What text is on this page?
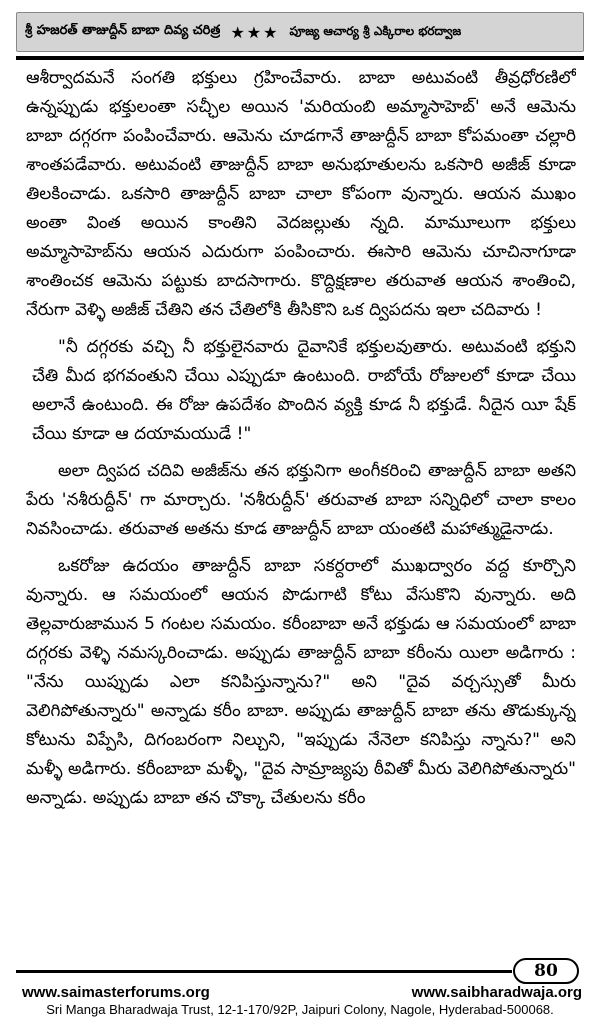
శ్రీ హజరత్ తాజుద్దీన్ బాబా దివ్య చరిత్ర ★★★ పూజ్య ఆచార్య శ్రీ ఎక్కిరాల భరద్వాజ

ఆశీర్వాదమనే సంగతి భక్తులు గ్రహించేవారు. బాబా అటువంటి తీవ్రధోరణిలో ఉన్నప్పుడు భక్తులంతా సచ్ఛీల అయిన 'మరియంబి అమ్మాసాహెబ్' అనే ఆమెను బాబా దగ్గరగా పంపించేవారు. ఆమెను చూడగానే తాజుద్దీన్ బాబా కోపమంతా చల్లారి శాంతపడేవారు. అటువంటి తాజుద్దీన్ బాబా అనుభూతులను ఒకసారి అజీజ్ కూడా తిలకించాడు. ఒకసారి తాజుద్దీన్ బాబా చాలా కోపంగా వున్నారు. ఆయన ముఖం అంతా వింత అయిన కాంతిని వెదజల్లుతు న్నది. మామూలుగా భక్తులు అమ్మాసాహెబ్‌ను ఆయన ఎదురుగా పంపించారు. ఈసారి ఆమెను చూచినాగూడా శాంతించక ఆమెను పట్టుకు బాదసాగారు. కొద్దిక్షణాల తరువాత ఆయన శాంతించి, నేరుగా వెళ్ళి అజీజ్ చేతిని తన చేతిలోకి తీసికొని ఒక ద్విపదను ఇలా చదివారు !

"నీ దగ్గరకు వచ్చి నీ భక్తులైనవారు దైవానికే భక్తులవుతారు. అటువంటి భక్తుని చేతి మీద భగవంతుని చేయి ఎప్పుడూ ఉంటుంది. రాబోయే రోజులలో కూడా చేయి అలానే ఉంటుంది. ఈ రోజు ఉపదేశం పొందిన వ్యక్తి కూడ నీ భక్తుడే. నీదైన యీ షేక్ చేయి కూడా ఆ దయామయుడే !"

అలా ద్విపద చదివి అజీజ్‌ను తన భక్తునిగా అంగీకరించి తాజుద్దీన్ బాబా అతని పేరు 'నశీరుద్దీన్' గా మార్చారు. 'నశీరుద్దీన్' తరువాత బాబా సన్నిధిలో చాలా కాలం నివసించాడు. తరువాత అతను కూడ తాజుద్దీన్ బాబా యంతటి మహాత్ముడైనాడు.

ఒకరోజు ఉదయం తాజుద్దీన్ బాబా సకర్దరాలో ముఖద్వారం వద్ద కూర్చొని వున్నారు. ఆ సమయంలో ఆయన పొడుగాటి కోటు వేసుకొని వున్నారు. అది తెల్లవారుజామున 5 గంటల సమయం. కరీంబాబా అనే భక్తుడు ఆ సమయంలో బాబా దగ్గరకు వెళ్ళి నమస్కరించాడు. అప్పుడు తాజుద్దీన్ బాబా కరీంను యిలా అడిగారు : "నేను యిప్పుడు ఎలా కనిపిస్తున్నాను?" అని "దైవ వర్చస్సుతో మీరు వెలిగిపోతున్నారు" అన్నాడు కరీం బాబా. అప్పుడు తాజుద్దీన్ బాబా తను తొడుక్కున్న కోటును విప్పేసి, దిగంబరంగా నిల్చుని, "ఇప్పుడు నేనెలా కనిపిస్తు న్నాను?" అని మళ్ళీ అడిగారు. కరీంబాబా మళ్ళీ, "దైవ సామ్రాజ్యపు ఠీవితో మీరు వెలిగిపోతున్నారు" అన్నాడు. అప్పుడు బాబా తన చొక్కా చేతులను కరీం

80
www.saimasterforums.org	www.saibharadwaja.org
Sri Manga Bharadwaja Trust, 12-1-170/92P, Jaipuri Colony, Nagole, Hyderabad-500068.
